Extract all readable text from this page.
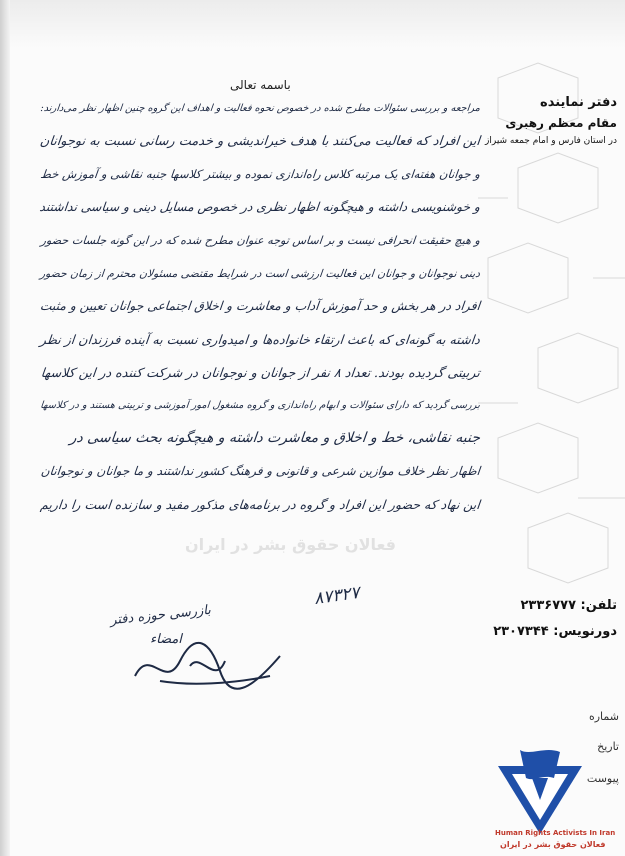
باسمه تعالی
دفتر نماینده
مقام معظم رهبری
در استان فارس و امام جمعه شیراز
مراجعه و بررسی سئوالات مطرح شده در خصوص نحوه فعالیت و اهداف این گروه چنین اظهار نظر می‌دارند:
این افراد که فعالیت می‌کنند با هدف خیراندیشی و خدمت رسانی نسبت به نوجوانان
و جوانان هفته‌ای یک مرتبه کلاس راه‌اندازی نموده و بیشتر کلاسها جنبه نقاشی و آموزش خط
و خوشنویسی داشته و هیچگونه اظهار نظری در خصوص مسایل دینی و سیاسی نداشتند
و هیچ حقیقت انحرافی نیست و بر اساس توجه عنوان مطرح شده که در این گونه جلسات حضور
دینی نوجوانان و جوانان این فعالیت ارزشی است در شرایط مقتضی مسئولان محترم از زمان حضور
افراد در هر بخش و حد آموزش آداب و معاشرت و اخلاق اجتماعی جوانان تعیین و مثبت
داشته به گونه‌ای که باعث ارتقاء خانواده‌ها و امیدواری نسبت به آینده فرزندان از نظر
تربیتی گردیده بودند. تعداد ۸ نفر از جوانان و نوجوانان در شرکت کننده در این کلاسها
بررسی گردید که دارای سئوالات و ابهام راه‌اندازی و گروه مشغول امور آموزشی و تربیتی هستند و در کلاسها
جنبه نقاشی، خط و اخلاق و معاشرت داشته و هیچگونه بحث سیاسی در
اظهار نظر خلاف موازین شرعی و قانونی و فرهنگ کشور نداشتند و ما جوانان و نوجوانان
این نهاد که حضور این افراد و گروه در برنامه‌های مذکور مفید و سازنده است را داریم
فعالان حقوق بشر در ایران
۸۷۳۲۷
بازرسی حوزه دفتر
امضاء
تلفن: ۲۳۳۶۷۷۷
دورنویس: ۲۳۰۷۳۴۴
شماره
تاریخ
پیوست
Human Rights Activists In Iran
فعالان حقوق بشر در ایران
